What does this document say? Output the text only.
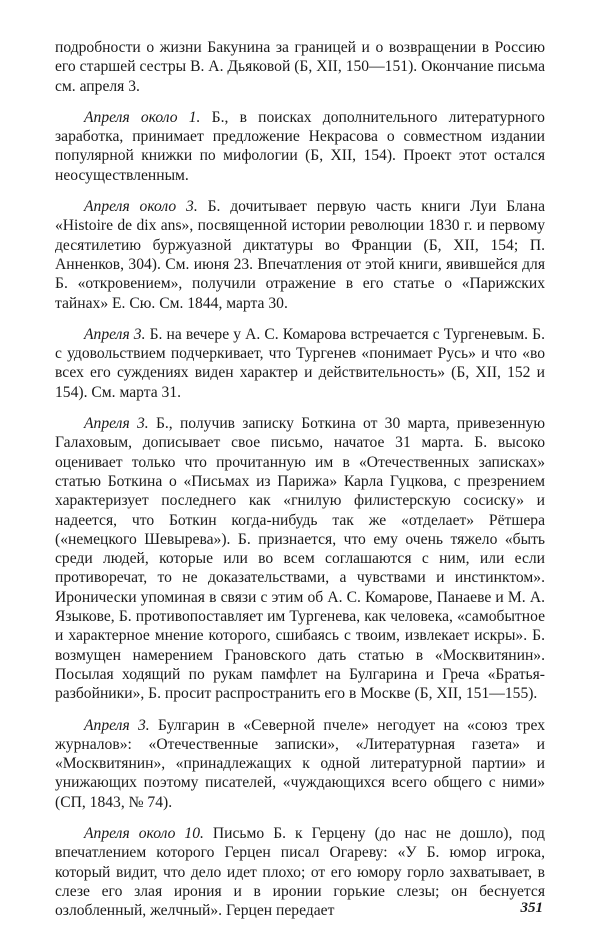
подробности о жизни Бакунина за границей и о возвращении в Россию его старшей сестры В. А. Дьяковой (Б, XII, 150—151). Окончание письма см. апреля 3.

Апреля около 1. Б., в поисках дополнительного литературного заработка, принимает предложение Некрасова о совместном издании популярной книжки по мифологии (Б, XII, 154). Проект этот остался неосуществленным.

Апреля около 3. Б. дочитывает первую часть книги Луи Блана «Histoire de dix ans», посвященной истории революции 1830 г. и первому десятилетию буржуазной диктатуры во Франции (Б, XII, 154; П. Анненков, 304). См. июня 23. Впечатления от этой книги, явившейся для Б. «откровением», получили отражение в его статье о «Парижских тайнах» Е. Сю. См. 1844, марта 30.

Апреля 3. Б. на вечере у А. С. Комарова встречается с Тургеневым. Б. с удовольствием подчеркивает, что Тургенев «понимает Русь» и что «во всех его суждениях виден характер и действительность» (Б, XII, 152 и 154). См. марта 31.

Апреля 3. Б., получив записку Боткина от 30 марта, привезенную Галаховым, дописывает свое письмо, начатое 31 марта. Б. высоко оценивает только что прочитанную им в «Отечественных записках» статью Боткина о «Письмах из Парижа» Карла Гуцкова, с презрением характеризует последнего как «гнилую филистерскую сосиску» и надеется, что Боткин когда-нибудь так же «отделает» Рётшера («немецкого Шевырева»). Б. признается, что ему очень тяжело «быть среди людей, которые или во всем соглашаются с ним, или если противоречат, то не доказательствами, а чувствами и инстинктом». Иронически упоминая в связи с этим об А. С. Комарове, Панаеве и М. А. Языкове, Б. противопоставляет им Тургенева, как человека, «самобытное и характерное мнение которого, сшибаясь с твоим, извлекает искры». Б. возмущен намерением Грановского дать статью в «Москвитянин». Посылая ходящий по рукам памфлет на Булгарина и Греча «Братья-разбойники», Б. просит распространить его в Москве (Б, XII, 151—155).

Апреля 3. Булгарин в «Северной пчеле» негодует на «союз трех журналов»: «Отечественные записки», «Литературная газета» и «Москвитянин», «принадлежащих к одной литературной партии» и унижающих поэтому писателей, «чуждающихся всего общего с ними» (СП, 1843, № 74).

Апреля около 10. Письмо Б. к Герцену (до нас не дошло), под впечатлением которого Герцен писал Огареву: «У Б. юмор игрока, который видит, что дело идет плохо; от его юмору горло захватывает, в слезе его злая ирония и в иронии горькие слезы; он беснуется озлобленный, желчный». Герцен передает	351
